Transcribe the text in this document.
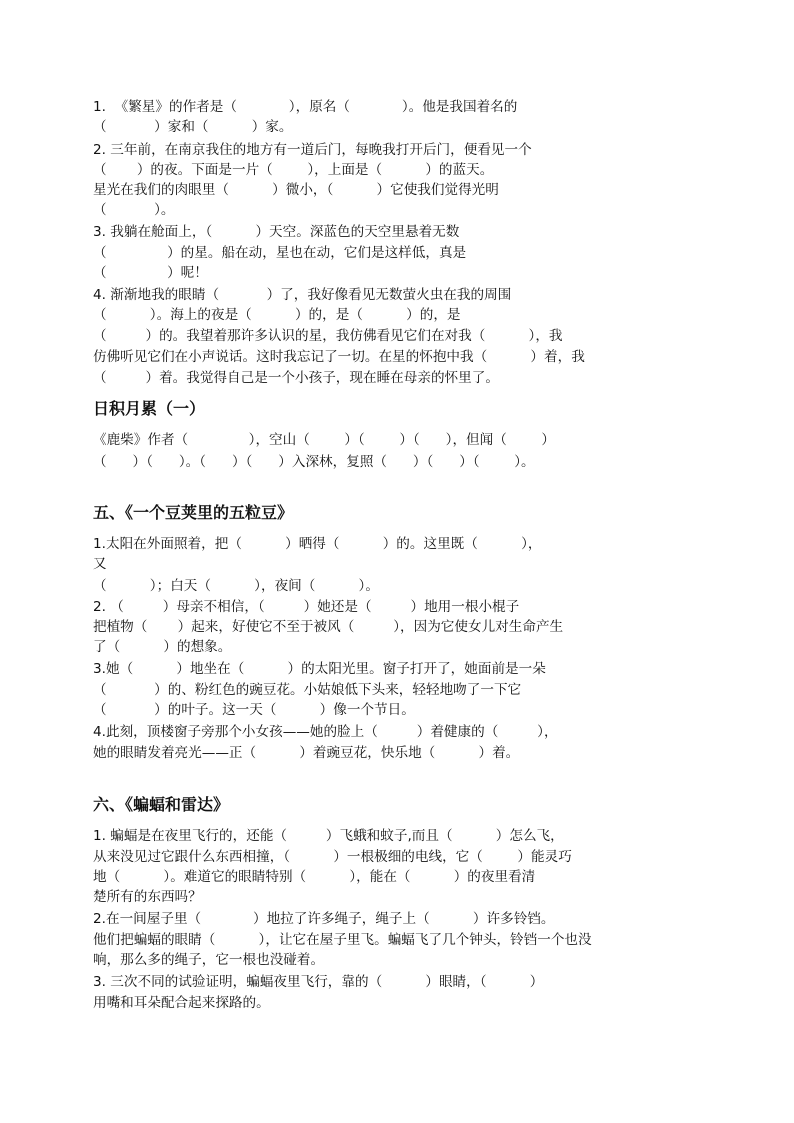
1.  《繁星》的作者是（            ），原名（            ）。他是我国着名的
（           ）家和（          ）家。
2. 三年前，在南京我住的地方有一道后门，每晚我打开后门，便看见一个
（       ）的夜。下面是一片（        ），上面是（          ）的蓝天。
星光在我们的肉眼里（          ）微小，（          ）它使我们觉得光明
（           ）。
3. 我躺在舱面上，（          ）天空。深蓝色的天空里悬着无数
（              ）的星。船在动，星也在动，它们是这样低，真是
（              ）呢！
4. 渐渐地我的眼睛（           ）了，我好像看见无数萤火虫在我的周围
（          ）。海上的夜是（          ）的，是（          ）的，是
（         ）的。我望着那许多认识的星，我仿佛看见它们在对我（          ），我
仿佛听见它们在小声说话。这时我忘记了一切。在星的怀抱中我（          ）着，我
（         ）着。我觉得自己是一个小孩子，现在睡在母亲的怀里了。
日积月累（一）
《鹿柴》作者（              ），空山（        ）（        ）（      ），但闻（        ）
（      ）（      ）。（      ）（      ）入深林，复照（      ）（      ）（        ）。
五、《一个豆荚里的五粒豆》
1.太阳在外面照着，把（          ）晒得（          ）的。这里既（          ），
又
（          ）；白天（          ），夜间（          ）。
2. （         ）母亲不相信，（         ）她还是（         ）地用一根小棍子
把植物（       ）起来，好使它不至于被风（         ），因为它使女儿对生命产生
了（          ）的想象。
3.她（          ）地坐在（          ）的太阳光里。窗子打开了，她面前是一朵
（           ）的、粉红色的豌豆花。小姑娘低下头来，轻轻地吻了一下它
（           ）的叶子。这一天（          ）像一个节日。
4.此刻，顶楼窗子旁那个小女孩——她的脸上（         ）着健康的（         ），
她的眼睛发着亮光——正（          ）着豌豆花，快乐地（          ）着。
六、《蝙蝠和雷达》
1. 蝙蝠是在夜里飞行的，还能（         ）飞蛾和蚊子,而且（          ）怎么飞，
从来没见过它跟什么东西相撞，（          ）一根极细的电线，它（        ）能灵巧
地（          ）。难道它的眼睛特别（          ），能在（          ）的夜里看清
楚所有的东西吗？
2.在一间屋子里（            ）地拉了许多绳子，绳子上（          ）许多铃铛。
他们把蝙蝠的眼睛（          ），让它在屋子里飞。蝙蝠飞了几个钟头，铃铛一个也没
响，那么多的绳子，它一根也没碰着。
3. 三次不同的试验证明，蝙蝠夜里飞行，靠的（          ）眼睛，（          ）
用嘴和耳朵配合起来探路的。
